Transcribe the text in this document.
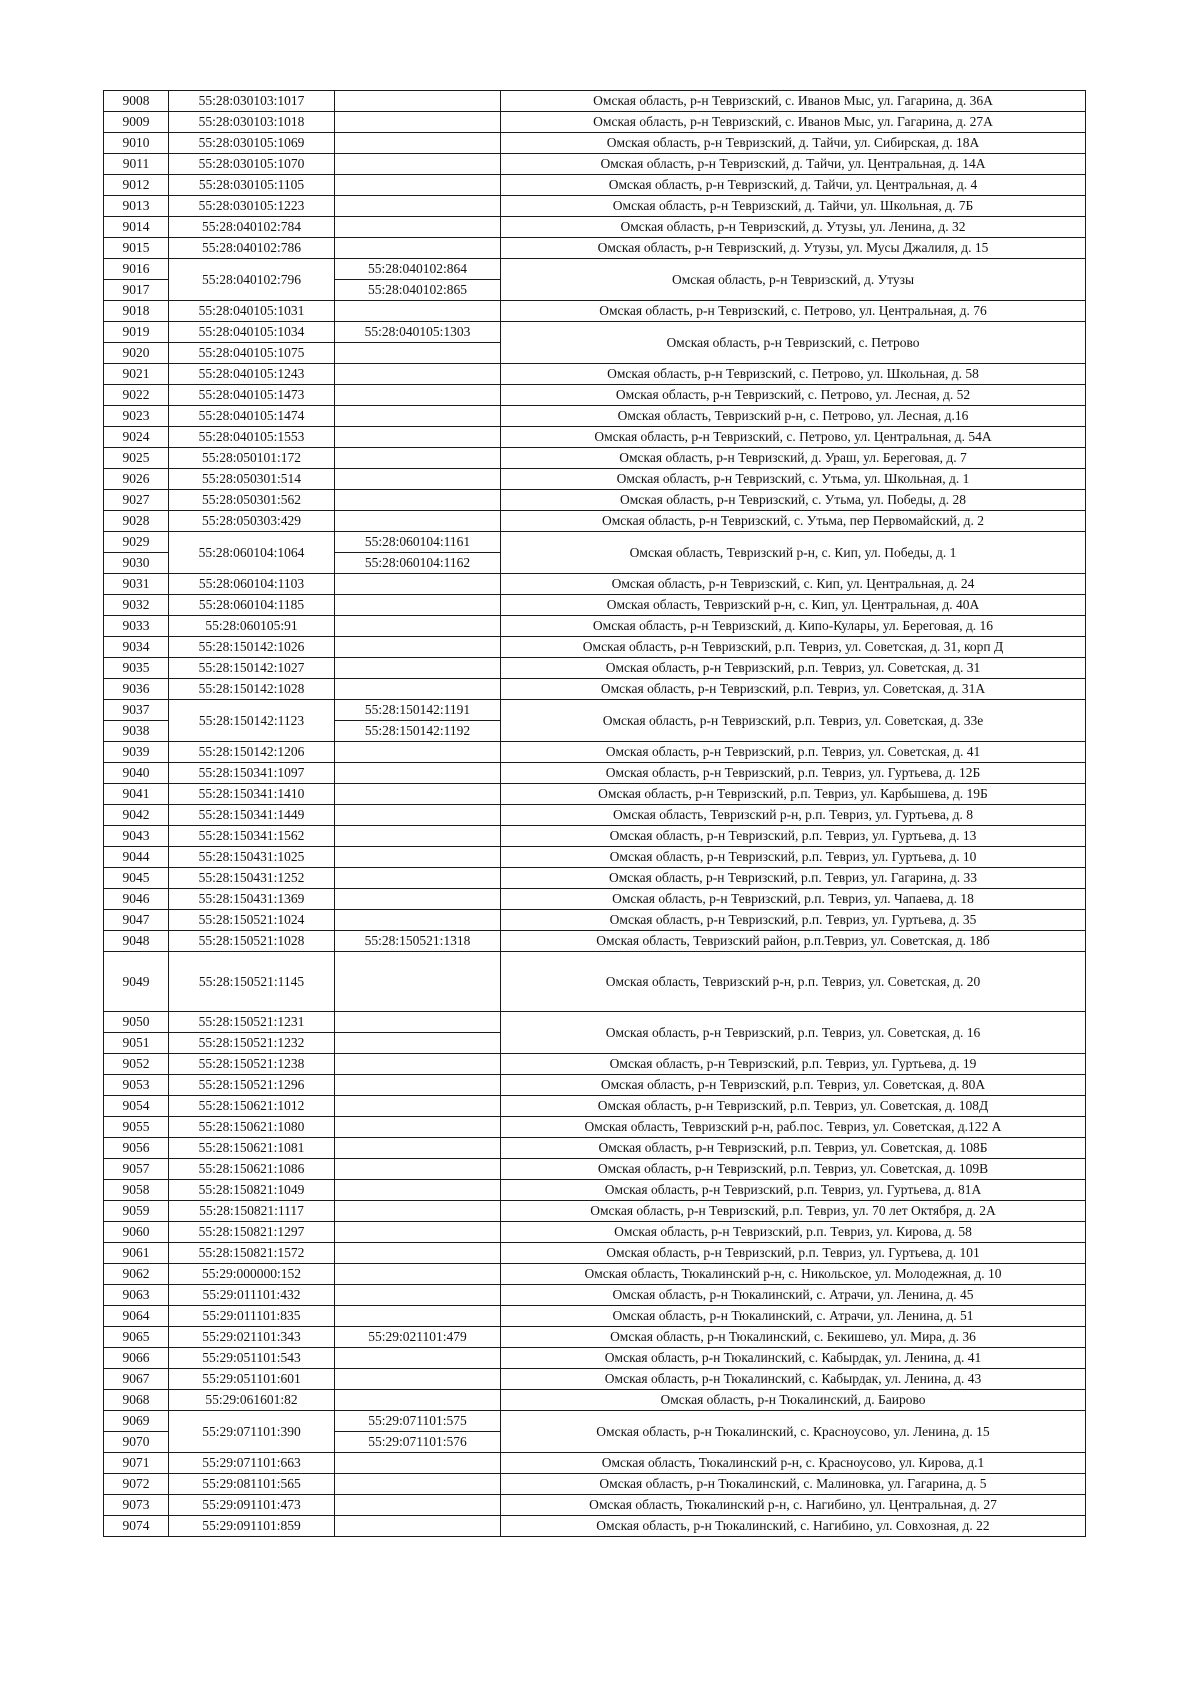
9008	55:28:030103:1017		Омская область, р-н Тевризский, с. Иванов Мыс, ул. Гагарина, д. 36А
9009	55:28:030103:1018		Омская область, р-н Тевризский, с. Иванов Мыс, ул. Гагарина, д. 27А
9010	55:28:030105:1069		Омская область, р-н Тевризский, д. Тайчи, ул. Сибирская, д. 18А
9011	55:28:030105:1070		Омская область, р-н Тевризский, д. Тайчи, ул. Центральная, д. 14А
9012	55:28:030105:1105		Омская область, р-н Тевризский, д. Тайчи, ул. Центральная, д. 4
9013	55:28:030105:1223		Омская область, р-н Тевризский, д. Тайчи, ул. Школьная, д. 7Б
9014	55:28:040102:784		Омская область, р-н Тевризский, д. Утузы, ул. Ленина, д. 32
9015	55:28:040102:786		Омская область, р-н Тевризский, д. Утузы, ул. Мусы Джалиля, д. 15
9016	55:28:040102:796	55:28:040102:864	Омская область, р-н Тевризский, д. Утузы
9017		55:28:040102:865	
9018	55:28:040105:1031		Омская область, р-н Тевризский, с. Петрово, ул. Центральная, д. 76
9019	55:28:040105:1034	55:28:040105:1303	Омская область, р-н Тевризский, с. Петрово
9020	55:28:040105:1075		
9021	55:28:040105:1243		Омская область, р-н Тевризский, с. Петрово, ул. Школьная, д. 58
9022	55:28:040105:1473		Омская область, р-н Тевризский, с. Петрово, ул. Лесная, д. 52
9023	55:28:040105:1474		Омская область, Тевризский р-н, с. Петрово, ул. Лесная, д.16
9024	55:28:040105:1553		Омская область, р-н Тевризский, с. Петрово, ул. Центральная, д. 54А
9025	55:28:050101:172		Омская область, р-н Тевризский, д. Ураш, ул. Береговая, д. 7
9026	55:28:050301:514		Омская область, р-н Тевризский, с. Утьма, ул. Школьная, д. 1
9027	55:28:050301:562		Омская область, р-н Тевризский, с. Утьма, ул. Победы, д. 28
9028	55:28:050303:429		Омская область, р-н Тевризский, с. Утьма, пер Первомайский, д. 2
9029	55:28:060104:1064	55:28:060104:1161	Омская область, Тевризский р-н, с. Кип, ул. Победы, д. 1
9030		55:28:060104:1162	
9031	55:28:060104:1103		Омская область, р-н Тевризский, с. Кип, ул. Центральная, д. 24
9032	55:28:060104:1185		Омская область, Тевризский р-н, с. Кип, ул. Центральная, д. 40А
9033	55:28:060105:91		Омская область, р-н Тевризский, д. Кипо-Кулары, ул. Береговая, д. 16
9034	55:28:150142:1026		Омская область, р-н Тевризский, р.п. Тевриз, ул. Советская, д. 31, корп Д
9035	55:28:150142:1027		Омская область, р-н Тевризский, р.п. Тевриз, ул. Советская, д. 31
9036	55:28:150142:1028		Омская область, р-н Тевризский, р.п. Тевриз, ул. Советская, д. 31А
9037	55:28:150142:1123	55:28:150142:1191	Омская область, р-н Тевризский, р.п. Тевриз, ул. Советская, д. 33е
9038		55:28:150142:1192	
9039	55:28:150142:1206		Омская область, р-н Тевризский, р.п. Тевриз, ул. Советская, д. 41
9040	55:28:150341:1097		Омская область, р-н Тевризский, р.п. Тевриз, ул. Гуртьева, д. 12Б
9041	55:28:150341:1410		Омская область, р-н Тевризский, р.п. Тевриз, ул. Карбышева, д. 19Б
9042	55:28:150341:1449		Омская область, Тевризский р-н, р.п. Тевриз, ул. Гуртьева, д. 8
9043	55:28:150341:1562		Омская область, р-н Тевризский, р.п. Тевриз, ул. Гуртьева, д. 13
9044	55:28:150431:1025		Омская область, р-н Тевризский, р.п. Тевриз, ул. Гуртьева, д. 10
9045	55:28:150431:1252		Омская область, р-н Тевризский, р.п. Тевриз, ул. Гагарина, д. 33
9046	55:28:150431:1369		Омская область, р-н Тевризский, р.п. Тевриз, ул. Чапаева, д. 18
9047	55:28:150521:1024		Омская область, р-н Тевризский, р.п. Тевриз, ул. Гуртьева, д. 35
9048	55:28:150521:1028	55:28:150521:1318	Омская область, Тевризский район, р.п.Тевриз, ул. Советская, д. 18б
9049	55:28:150521:1145		Омская область, Тевризский р-н, р.п. Тевриз, ул. Советская, д. 20
9050	55:28:150521:1231		Омская область, р-н Тевризский, р.п. Тевриз, ул. Советская, д. 16
9051	55:28:150521:1232		
9052	55:28:150521:1238		Омская область, р-н Тевризский, р.п. Тевриз, ул. Гуртьева, д. 19
9053	55:28:150521:1296		Омская область, р-н Тевризский, р.п. Тевриз, ул. Советская, д. 80А
9054	55:28:150621:1012		Омская область, р-н Тевризский, р.п. Тевриз, ул. Советская, д. 108Д
9055	55:28:150621:1080		Омская область, Тевризский р-н, раб.пос. Тевриз, ул. Советская, д.122 А
9056	55:28:150621:1081		Омская область, р-н Тевризский, р.п. Тевриз, ул. Советская, д. 108Б
9057	55:28:150621:1086		Омская область, р-н Тевризский, р.п. Тевриз, ул. Советская, д. 109В
9058	55:28:150821:1049		Омская область, р-н Тевризский, р.п. Тевриз, ул. Гуртьева, д. 81А
9059	55:28:150821:1117		Омская область, р-н Тевризский, р.п. Тевриз, ул. 70 лет Октября, д. 2А
9060	55:28:150821:1297		Омская область, р-н Тевризский, р.п. Тевриз, ул. Кирова, д. 58
9061	55:28:150821:1572		Омская область, р-н Тевризский, р.п. Тевриз, ул. Гуртьева, д. 101
9062	55:29:000000:152		Омская область, Тюкалинский р-н, с. Никольское, ул. Молодежная, д. 10
9063	55:29:011101:432		Омская область, р-н Тюкалинский, с. Атрачи, ул. Ленина, д. 45
9064	55:29:011101:835		Омская область, р-н Тюкалинский, с. Атрачи, ул. Ленина, д. 51
9065	55:29:021101:343	55:29:021101:479	Омская область, р-н Тюкалинский, с. Бекишево, ул. Мира, д. 36
9066	55:29:051101:543		Омская область, р-н Тюкалинский, с. Кабырдак, ул. Ленина, д. 41
9067	55:29:051101:601		Омская область, р-н Тюкалинский, с. Кабырдак, ул. Ленина, д. 43
9068	55:29:061601:82		Омская область, р-н Тюкалинский, д. Баирово
9069	55:29:071101:390	55:29:071101:575	Омская область, р-н Тюкалинский, с. Красноусово, ул. Ленина, д. 15
9070		55:29:071101:576	
9071	55:29:071101:663		Омская область, Тюкалинский р-н, с. Красноусово, ул. Кирова, д.1
9072	55:29:081101:565		Омская область, р-н Тюкалинский, с. Малиновка, ул. Гагарина, д. 5
9073	55:29:091101:473		Омская область, Тюкалинский р-н, с. Нагибино, ул. Центральная, д. 27
9074	55:29:091101:859		Омская область, р-н Тюкалинский, с. Нагибино, ул. Совхозная, д. 22
